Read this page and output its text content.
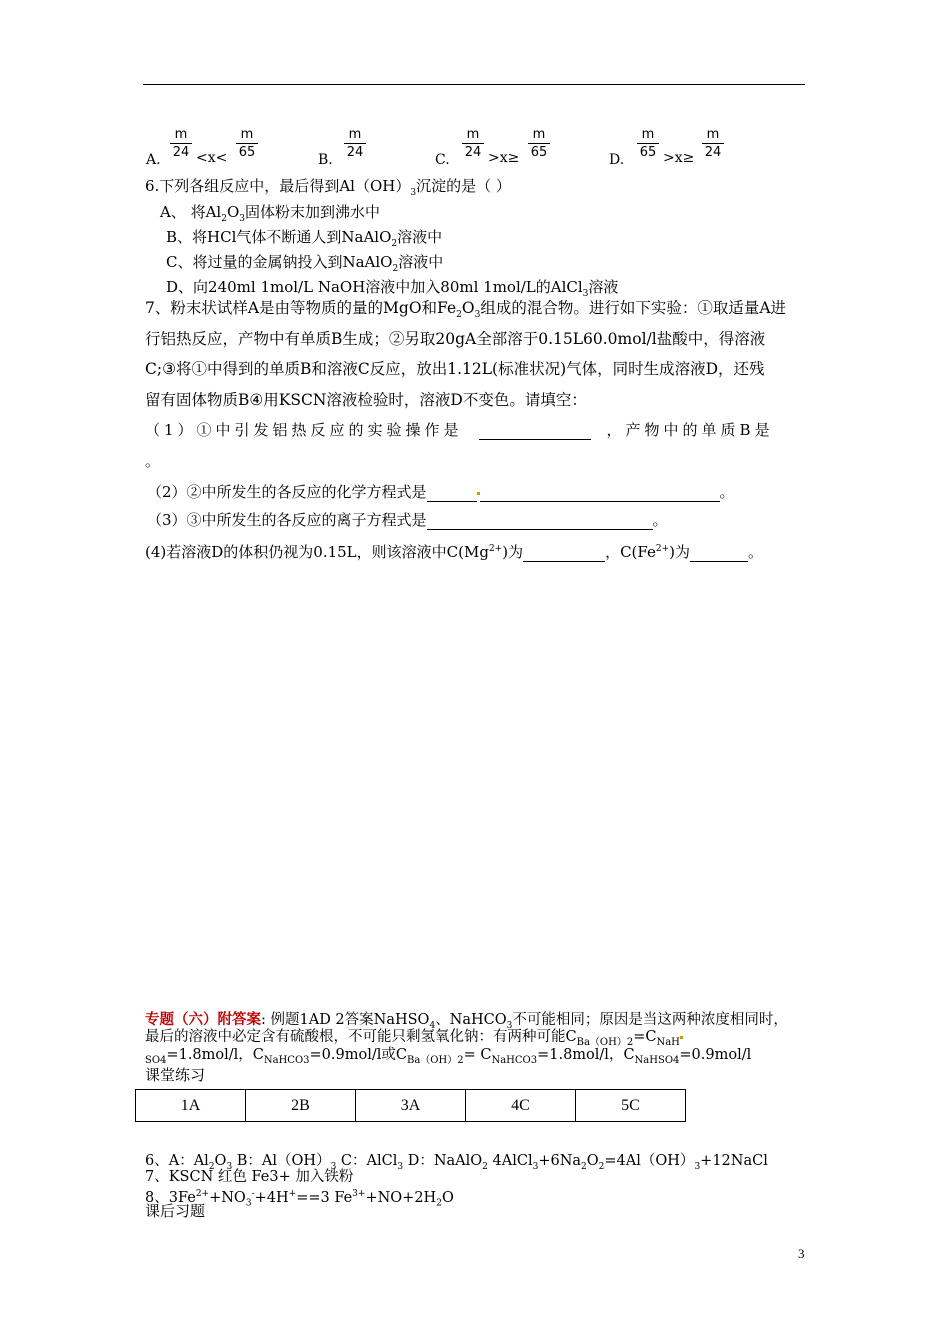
A.
m
24 <x<
m
65	B.
m
24	C.
m
24 >x≥
m
65	D.
m
65 >x≥
m
24
6.下列各组反应中，最后得到$Al(OH)_3$沉淀的是（ ）
A、 将$Al_2O_3$固体粉末加到沸水中
B、将HCl气体不断通人到NaAlO$_2$溶液中
C、将过量的金属钠投入到NaAlO$_2$溶液中
D、向240ml 1mol/L NaOH溶液中加入80ml 1mol/L的AlCl$_3$溶液
7、粉末状试样A是由等物质的量的MgO和$Fe_2O_3$组成的混合物。进行如下实验：①取适量A进
行铝热反应，产物中有单质B生成；②另取20gA全部溶于0.15L60.0mol/l盐酸中，得溶液
C;③将①中得到的单质B和溶液C反应，放出1.12L(标准状况)气体，同时生成溶液D，还残
留有固体物质B④用KSCN溶液检验时，溶液D不变色。请填空：
（1）①中引发铝热反应的实验操作是	，产物中的单质B是
。
（2）②中所发生的各反应的化学方程式是	。
（3）③中所发生的各反应的离子方程式是	。
(4)若溶液D的体积仍视为0.15L，则该溶液中$C(Mg^{2+})$为	，$C(Fe^{2+})$为	。
专题（六）附答案: 例题1AD 2答案NaHSO$_4$、NaHCO$_3$不可能相同；原因是当这两种浓度相同时，
最后的溶液中必定含有硫酸根，不可能只剩氢氧化钠：有两种可能$C_{Ba(OH)2}=C_{NaH}$
$_{SO4}$=1.8mol/l，$C_{NaHCO3}=0.9mol/l$或$C_{Ba(OH)2}= C_{NaHCO3}=1.8mol/l$，$C_{NaHSO4}=0.9mol/l$
课堂练习
1A	2B	3A	4C	5C
6、A：$Al_2O_3$ B：$Al(OH)_3$ C：AlCl$_3$ D：NaAlO$_2$ $4AlCl_3+6Na_2O_2=4Al(OH)_3+12NaCl$
7、KSCN 红色 Fe3+ 加入铁粉
8、$3Fe^{2+}+NO_3^-+4H^+==3$ $Fe^{3+}+NO+2H_2O$
课后习题
3
